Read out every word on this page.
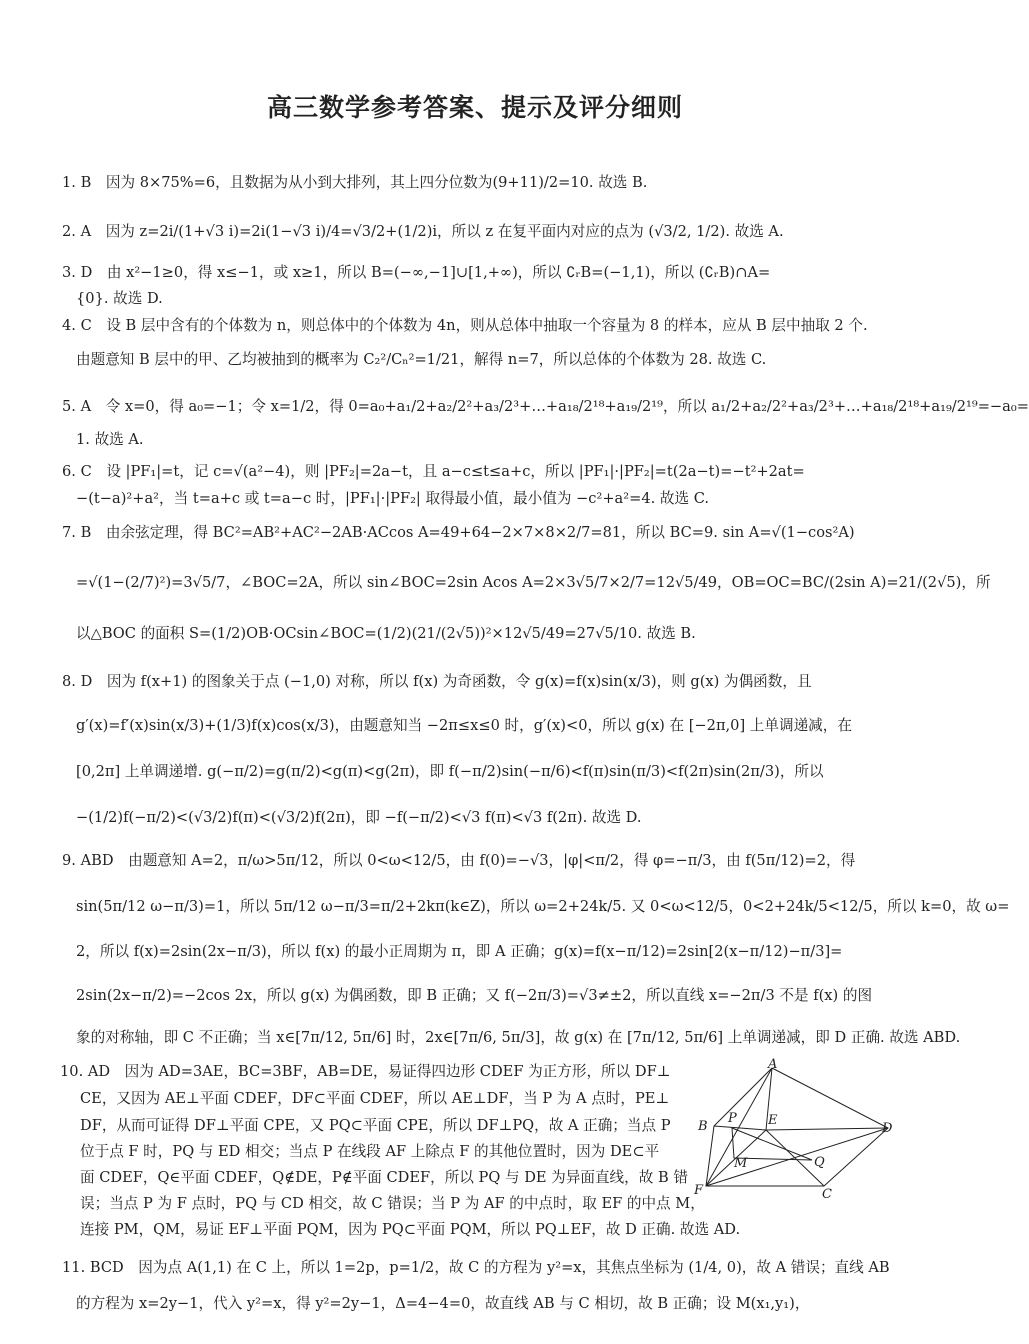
高三数学参考答案、提示及评分细则
1. B　因为 8×75%=6，且数据为从小到大排列，其上四分位数为(9+11)/2=10. 故选 B.
2. A　因为 z=2i/(1+√3 i)=2i(1−√3 i)/4=√3/2+(1/2)i，所以 z 在复平面内对应的点为 (√3/2, 1/2). 故选 A.
3. D　由 x²−1≥0，得 x≤−1，或 x≥1，所以 B=(−∞,−1]∪[1,+∞)，所以 ∁ᵣB=(−1,1)，所以 (∁ᵣB)∩A=
{0}. 故选 D.
4. C　设 B 层中含有的个体数为 n，则总体中的个体数为 4n，则从总体中抽取一个容量为 8 的样本，应从 B 层中抽取 2 个.
由题意知 B 层中的甲、乙均被抽到的概率为 C₂²/Cₙ²=1/21，解得 n=7，所以总体的个体数为 28. 故选 C.
5. A　令 x=0，得 a₀=−1；令 x=1/2，得 0=a₀+a₁/2+a₂/2²+a₃/2³+…+a₁₈/2¹⁸+a₁₉/2¹⁹，所以 a₁/2+a₂/2²+a₃/2³+…+a₁₈/2¹⁸+a₁₉/2¹⁹=−a₀=
1. 故选 A.
6. C　设 |PF₁|=t，记 c=√(a²−4)，则 |PF₂|=2a−t，且 a−c≤t≤a+c，所以 |PF₁|·|PF₂|=t(2a−t)=−t²+2at=
−(t−a)²+a²，当 t=a+c 或 t=a−c 时，|PF₁|·|PF₂| 取得最小值，最小值为 −c²+a²=4. 故选 C.
7. B　由余弦定理，得 BC²=AB²+AC²−2AB·ACcos A=49+64−2×7×8×2/7=81，所以 BC=9. sin A=√(1−cos²A)
=√(1−(2/7)²)=3√5/7，∠BOC=2A，所以 sin∠BOC=2sin Acos A=2×3√5/7×2/7=12√5/49，OB=OC=BC/(2sin A)=21/(2√5)，所
以△BOC 的面积 S=(1/2)OB·OCsin∠BOC=(1/2)(21/(2√5))²×12√5/49=27√5/10. 故选 B.
8. D　因为 f(x+1) 的图象关于点 (−1,0) 对称，所以 f(x) 为奇函数，令 g(x)=f(x)sin(x/3)，则 g(x) 为偶函数，且
g′(x)=f′(x)sin(x/3)+(1/3)f(x)cos(x/3)，由题意知当 −2π≤x≤0 时，g′(x)<0，所以 g(x) 在 [−2π,0] 上单调递减，在
[0,2π] 上单调递增. g(−π/2)=g(π/2)<g(π)<g(2π)，即 f(−π/2)sin(−π/6)<f(π)sin(π/3)<f(2π)sin(2π/3)，所以
−(1/2)f(−π/2)<(√3/2)f(π)<(√3/2)f(2π)，即 −f(−π/2)<√3 f(π)<√3 f(2π). 故选 D.
9. ABD　由题意知 A=2，π/ω>5π/12，所以 0<ω<12/5，由 f(0)=−√3，|φ|<π/2，得 φ=−π/3，由 f(5π/12)=2，得
sin(5π/12 ω−π/3)=1，所以 5π/12 ω−π/3=π/2+2kπ(k∈Z)，所以 ω=2+24k/5. 又 0<ω<12/5，0<2+24k/5<12/5，所以 k=0，故 ω=
2，所以 f(x)=2sin(2x−π/3)，所以 f(x) 的最小正周期为 π，即 A 正确；g(x)=f(x−π/12)=2sin[2(x−π/12)−π/3]=
2sin(2x−π/2)=−2cos 2x，所以 g(x) 为偶函数，即 B 正确；又 f(−2π/3)=√3≠±2，所以直线 x=−2π/3 不是 f(x) 的图
象的对称轴，即 C 不正确；当 x∈[7π/12, 5π/6] 时，2x∈[7π/6, 5π/3]，故 g(x) 在 [7π/12, 5π/6] 上单调递减，即 D 正确. 故选 ABD.
10. AD　因为 AD=3AE，BC=3BF，AB=DE，易证得四边形 CDEF 为正方形，所以 DF⊥
CE，又因为 AE⊥平面 CDEF，DF⊂平面 CDEF，所以 AE⊥DF，当 P 为 A 点时，PE⊥
DF，从而可证得 DF⊥平面 CPE，又 PQ⊂平面 CPE，所以 DF⊥PQ，故 A 正确；当点 P
位于点 F 时，PQ 与 ED 相交；当点 P 在线段 AF 上除点 F 的其他位置时，因为 DE⊂平
面 CDEF，Q∈平面 CDEF，Q∉DE，P∉平面 CDEF，所以 PQ 与 DE 为异面直线，故 B 错
误；当点 P 为 F 点时，PQ 与 CD 相交，故 C 错误；当 P 为 AF 的中点时，取 EF 的中点 M，
连接 PM，QM，易证 EF⊥平面 PQM，因为 PQ⊂平面 PQM，所以 PQ⊥EF，故 D 正确. 故选 AD.
11. BCD　因为点 A(1,1) 在 C 上，所以 1=2p，p=1/2，故 C 的方程为 y²=x，其焦点坐标为 (1/4, 0)，故 A 错误；直线 AB
的方程为 x=2y−1，代入 y²=x，得 y²=2y−1，Δ=4−4=0，故直线 AB 与 C 相切，故 B 正确；设 M(x₁,y₁)，
A
B
P E
D
M	Q
F	C
